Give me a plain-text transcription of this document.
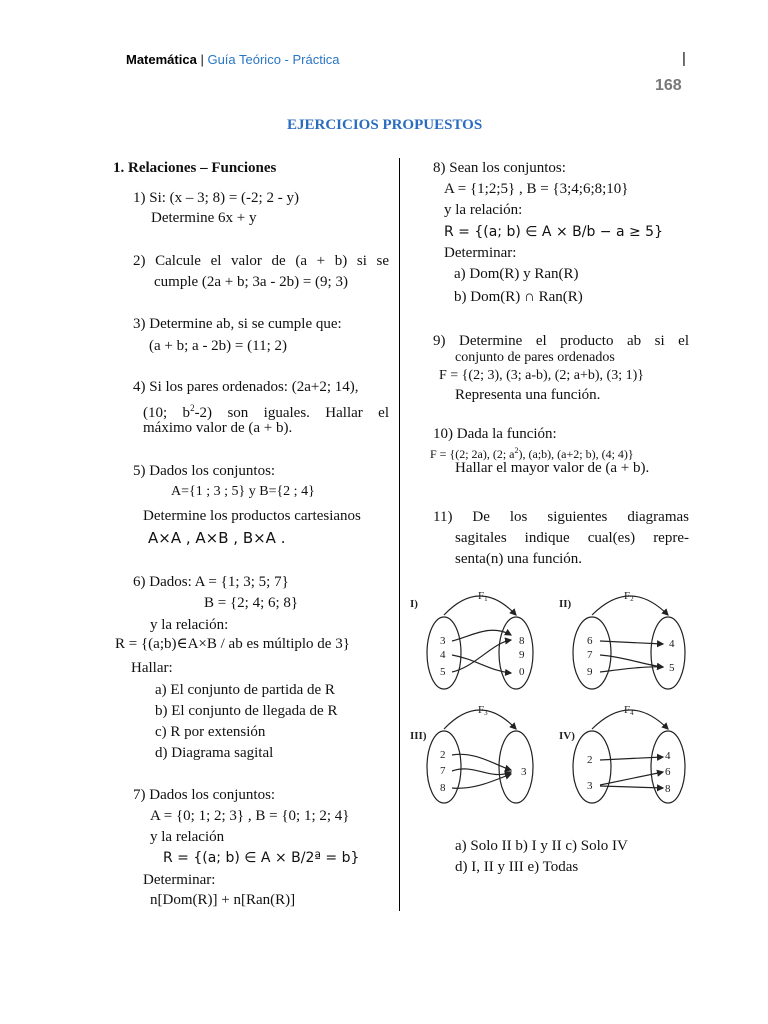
Matemática | Guía Teórico - Práctica	|
168
EJERCICIOS PROPUESTOS
1. Relaciones – Funciones
1) Si: (x – 3; 8) = (-2; 2 - y)
Determine 6x + y
2) Calcule el valor de (a + b) si se
cumple (2a + b; 3a - 2b) = (9; 3)
3) Determine ab, si se cumple que:
(a + b; a - 2b) = (11; 2)
4) Si los pares ordenados: (2a+2; 14),
(10; $b^2-2$) son iguales. Hallar el
máximo valor de (a + b).
5) Dados los conjuntos:
A={1 ; 3 ; 5} y B={2 ; 4}
Determine los productos cartesianos
A×A , A×B , B×A .
6) Dados: A = {1; 3; 5; 7}
B = {2; 4; 6; 8}
y la relación:
R = {(a;b)∈A×B / ab es múltiplo de 3}
Hallar:
a) El conjunto de partida de R
b) El conjunto de llegada de R
c) R por extensión
d) Diagrama sagital
7) Dados los conjuntos:
A = {0; 1; 2; 3} , B = {0; 1; 2; 4}
y la relación
R = {(a; b) ∈ A × B/2ª = b}
Determinar:
n[Dom(R)] + n[Ran(R)]
8) Sean los conjuntos:
A = {1;2;5} , B = {3;4;6;8;10}
y la relación:
R = {(a; b) ∈ A × B/b − a ≥ 5}
Determinar:
a) Dom(R) y Ran(R)
b) Dom(R) ∩ Ran(R)
9) Determine el producto ab si el
conjunto de pares ordenados
F = {(2; 3), (3; a-b), (2; a+b), (3; 1)}
Representa una función.
10) Dada la función:
F = {(2; 2a), (2; $a^2$), (a;b), (a+2; b), (4; 4)}
Hallar el mayor valor de (a + b).
11) De los siguientes diagramas
sagitales indique cual(es) repre-
senta(n) una función.
I)
F1
3
4
5
8
9
0
II)
F2
6
7
9
4
5
III)
F3
2
7
8
3
IV)
F4
2
3
4
6
8
a) Solo II b) I y II c) Solo IV
d) I, II y III e) Todas
